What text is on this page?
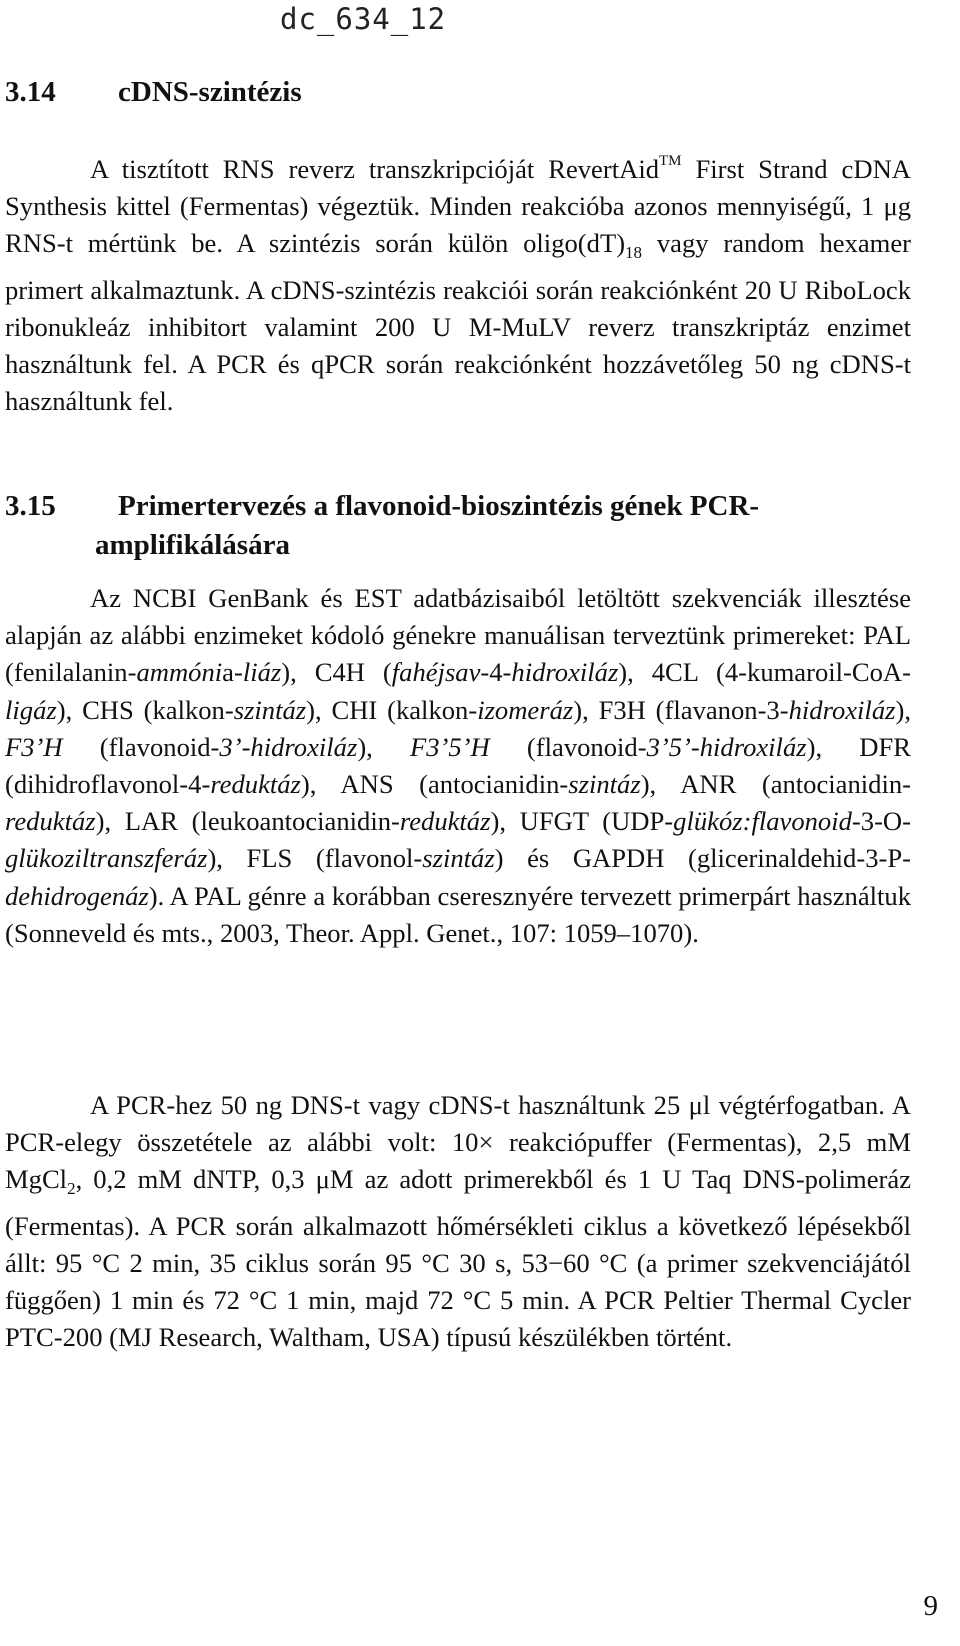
dc_634_12
3.14 cDNS-szintézis
A tisztított RNS reverz transzkripcióját RevertAid™ First Strand cDNA Synthesis kittel (Fermentas) végeztük. Minden reakcióba azonos mennyiségű, 1 μg RNS-t mértünk be. A szintézis során külön $oligo(dT)_{18}$ vagy random hexamer primert alkalmaztunk. A cDNS-szintézis reakciói során reakciónként 20 U RiboLock ribonukleáz inhibitort valamint 200 U M-MuLV reverz transzkriptáz enzimet használtunk fel. A PCR és qPCR során reakciónként hozzávetőleg 50 ng cDNS-t használtunk fel.
3.15 Primertervezés a flavonoid-bioszintézis gének PCR-
amplifikálására
Az NCBI GenBank és EST adatbázisaiból letöltött szekvenciák illesztése alapján az alábbi enzimeket kódoló génekre manuálisan terveztünk primereket: PAL (fenilalanin-ammónia-liáz), C4H (fahéjsav-4-hidroxiláz), 4CL (4-kumaroil-CoA-ligáz), CHS (kalkon-szintáz), CHI (kalkon-izomeráz), F3H (flavanon-3-hidroxiláz), F3’H (flavonoid-3’-hidroxiláz), F3’5’H (flavonoid-3’5’-hidroxiláz), DFR (dihidroflavonol-4-reduktáz), ANS (antocianidin-szintáz), ANR (antocianidin-reduktáz), LAR (leukoantocianidin-reduktáz), UFGT (UDP-glükóz:flavonoid-3-O-glükoziltranszferáz), FLS (flavonol-szintáz) és GAPDH (glicerinaldehid-3-P-dehidrogenáz). A PAL génre a korábban cseresznyére tervezett primerpárt használtuk (Sonneveld és mts., 2003, Theor. Appl. Genet., 107: 1059–1070).
A PCR-hez 50 ng DNS-t vagy cDNS-t használtunk 25 μl végtérfogatban. A PCR-elegy összetétele az alábbi volt: 10× reakciópuffer (Fermentas), 2,5 mM MgCl$_2$, 0,2 mM dNTP, 0,3 μM az adott primerekből és 1 U Taq DNS-polimeráz (Fermentas). A PCR során alkalmazott hőmérsékleti ciklus a következő lépésekből állt: 95 °C 2 min, 35 ciklus során 95 °C 30 s, 53−60 °C (a primer szekvenciájától függően) 1 min és 72 °C 1 min, majd 72 °C 5 min. A PCR Peltier Thermal Cycler PTC-200 (MJ Research, Waltham, USA) típusú készülékben történt.
9
